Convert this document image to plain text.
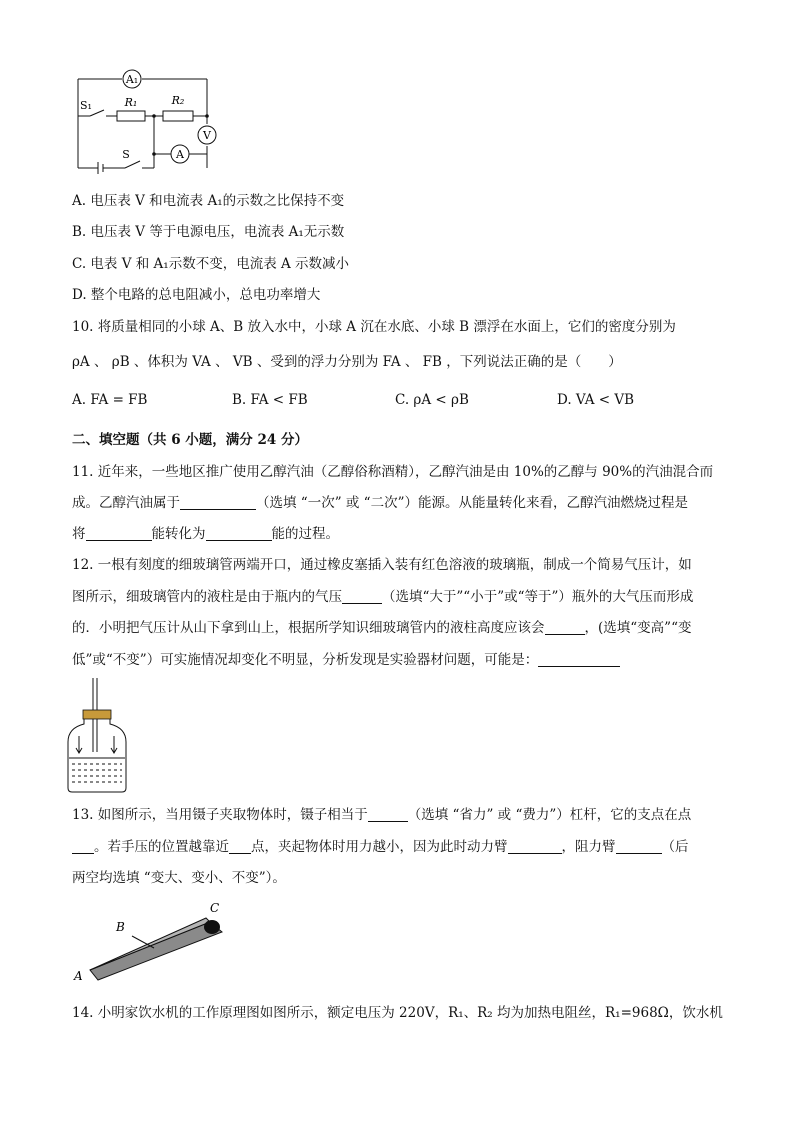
A₁
S₁	R₁	R₂
V
S	A
A. 电压表 V 和电流表 A₁的示数之比保持不变
B. 电压表 V 等于电源电压，电流表 A₁无示数
C. 电表 V 和 A₁示数不变，电流表 A 示数减小
D. 整个电路的总电阻减小，总电功率增大
10. 将质量相同的小球 A、B 放入水中，小球 A 沉在水底、小球 B 漂浮在水面上，它们的密度分别为
ρA 、 ρB 、体积为 VA 、 VB 、受到的浮力分别为 FA 、 FB ，下列说法正确的是（　　）
A. FA = FB	B. FA < FB	C. ρA < ρB	D. VA < VB
二、填空题（共 6 小题，满分 24 分）
11. 近年来，一些地区推广使用乙醇汽油（乙醇俗称酒精），乙醇汽油是由 10%的乙醇与 90%的汽油混合而
成。乙醇汽油属于	（选填 “一次” 或 “二次”）能源。从能量转化来看，乙醇汽油燃烧过程是
将	能转化为	能的过程。
12. 一根有刻度的细玻璃管两端开口，通过橡皮塞插入装有红色溶液的玻璃瓶，制成一个简易气压计，如
图所示，细玻璃管内的液柱是由于瓶内的气压	（选填“大于”“小于”或“等于”）瓶外的大气压而形成
的．小明把气压计从山下拿到山上，根据所学知识细玻璃管内的液柱高度应该会	，(选填“变高”“变
低”或“不变”）可实施情况却变化不明显，分析发现是实验器材问题，可能是：
13. 如图所示，当用镊子夹取物体时，镊子相当于	（选填 “省力” 或 “费力”）杠杆，它的支点在点
。若手压的位置越靠近 点，夹起物体时用力越小，因为此时动力臂	，阻力臂	（后
两空均选填 “变大、变小、不变”）。
A
B
C
14. 小明家饮水机的工作原理图如图所示，额定电压为 220V，R₁、R₂ 均为加热电阻丝，R₁=968Ω，饮水机
